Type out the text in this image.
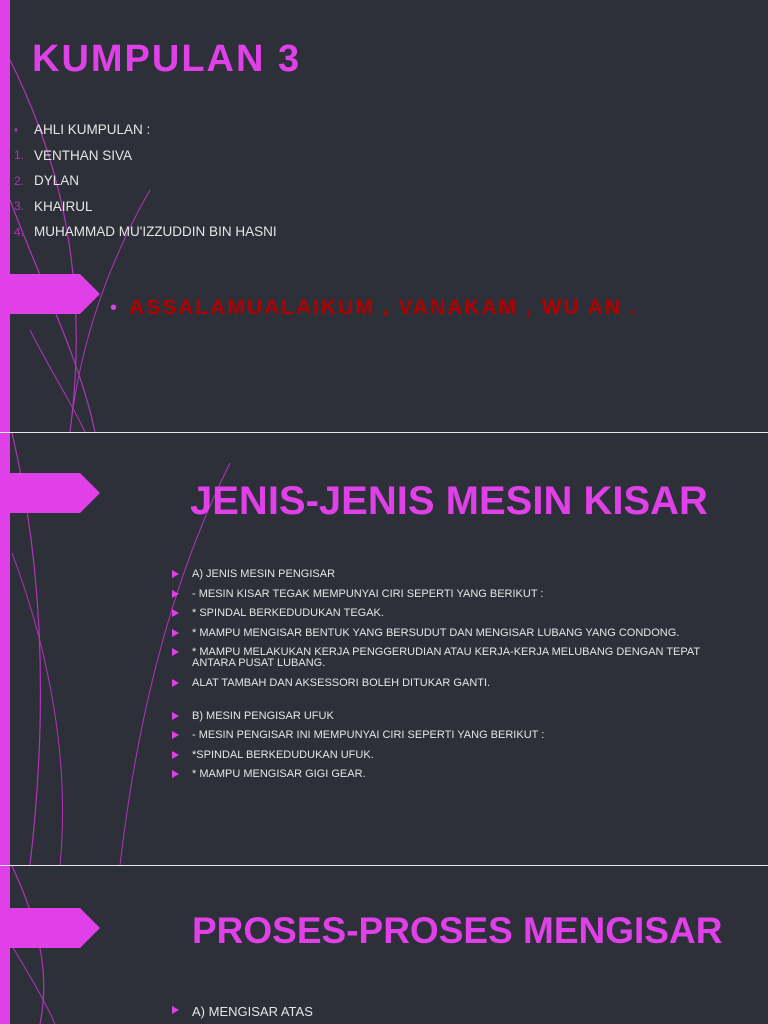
KUMPULAN 3
•	AHLI KUMPULAN :
1. VENTHAN SIVA
2. DYLAN
3. KHAIRUL
4. MUHAMMAD MU'IZZUDDIN BIN HASNI
• ASSALAMUALAIKUM , VANAKAM , WU AN .
JENIS-JENIS MESIN KISAR
A) JENIS MESIN PENGISAR
- MESIN KISAR TEGAK MEMPUNYAI CIRI SEPERTI YANG BERIKUT :
* SPINDAL BERKEDUDUKAN TEGAK.
* MAMPU MENGISAR BENTUK YANG BERSUDUT DAN MENGISAR LUBANG YANG CONDONG.
* MAMPU MELAKUKAN KERJA PENGGERUDIAN ATAU KERJA-KERJA MELUBANG DENGAN TEPAT ANTARA PUSAT LUBANG.
ALAT TAMBAH DAN AKSESSORI BOLEH DITUKAR GANTI.
B) MESIN PENGISAR UFUK
- MESIN PENGISAR INI MEMPUNYAI CIRI SEPERTI YANG BERIKUT :
*SPINDAL BERKEDUDUKAN UFUK.
* MAMPU MENGISAR GIGI GEAR.
PROSES-PROSES MENGISAR
A) MENGISAR ATAS
